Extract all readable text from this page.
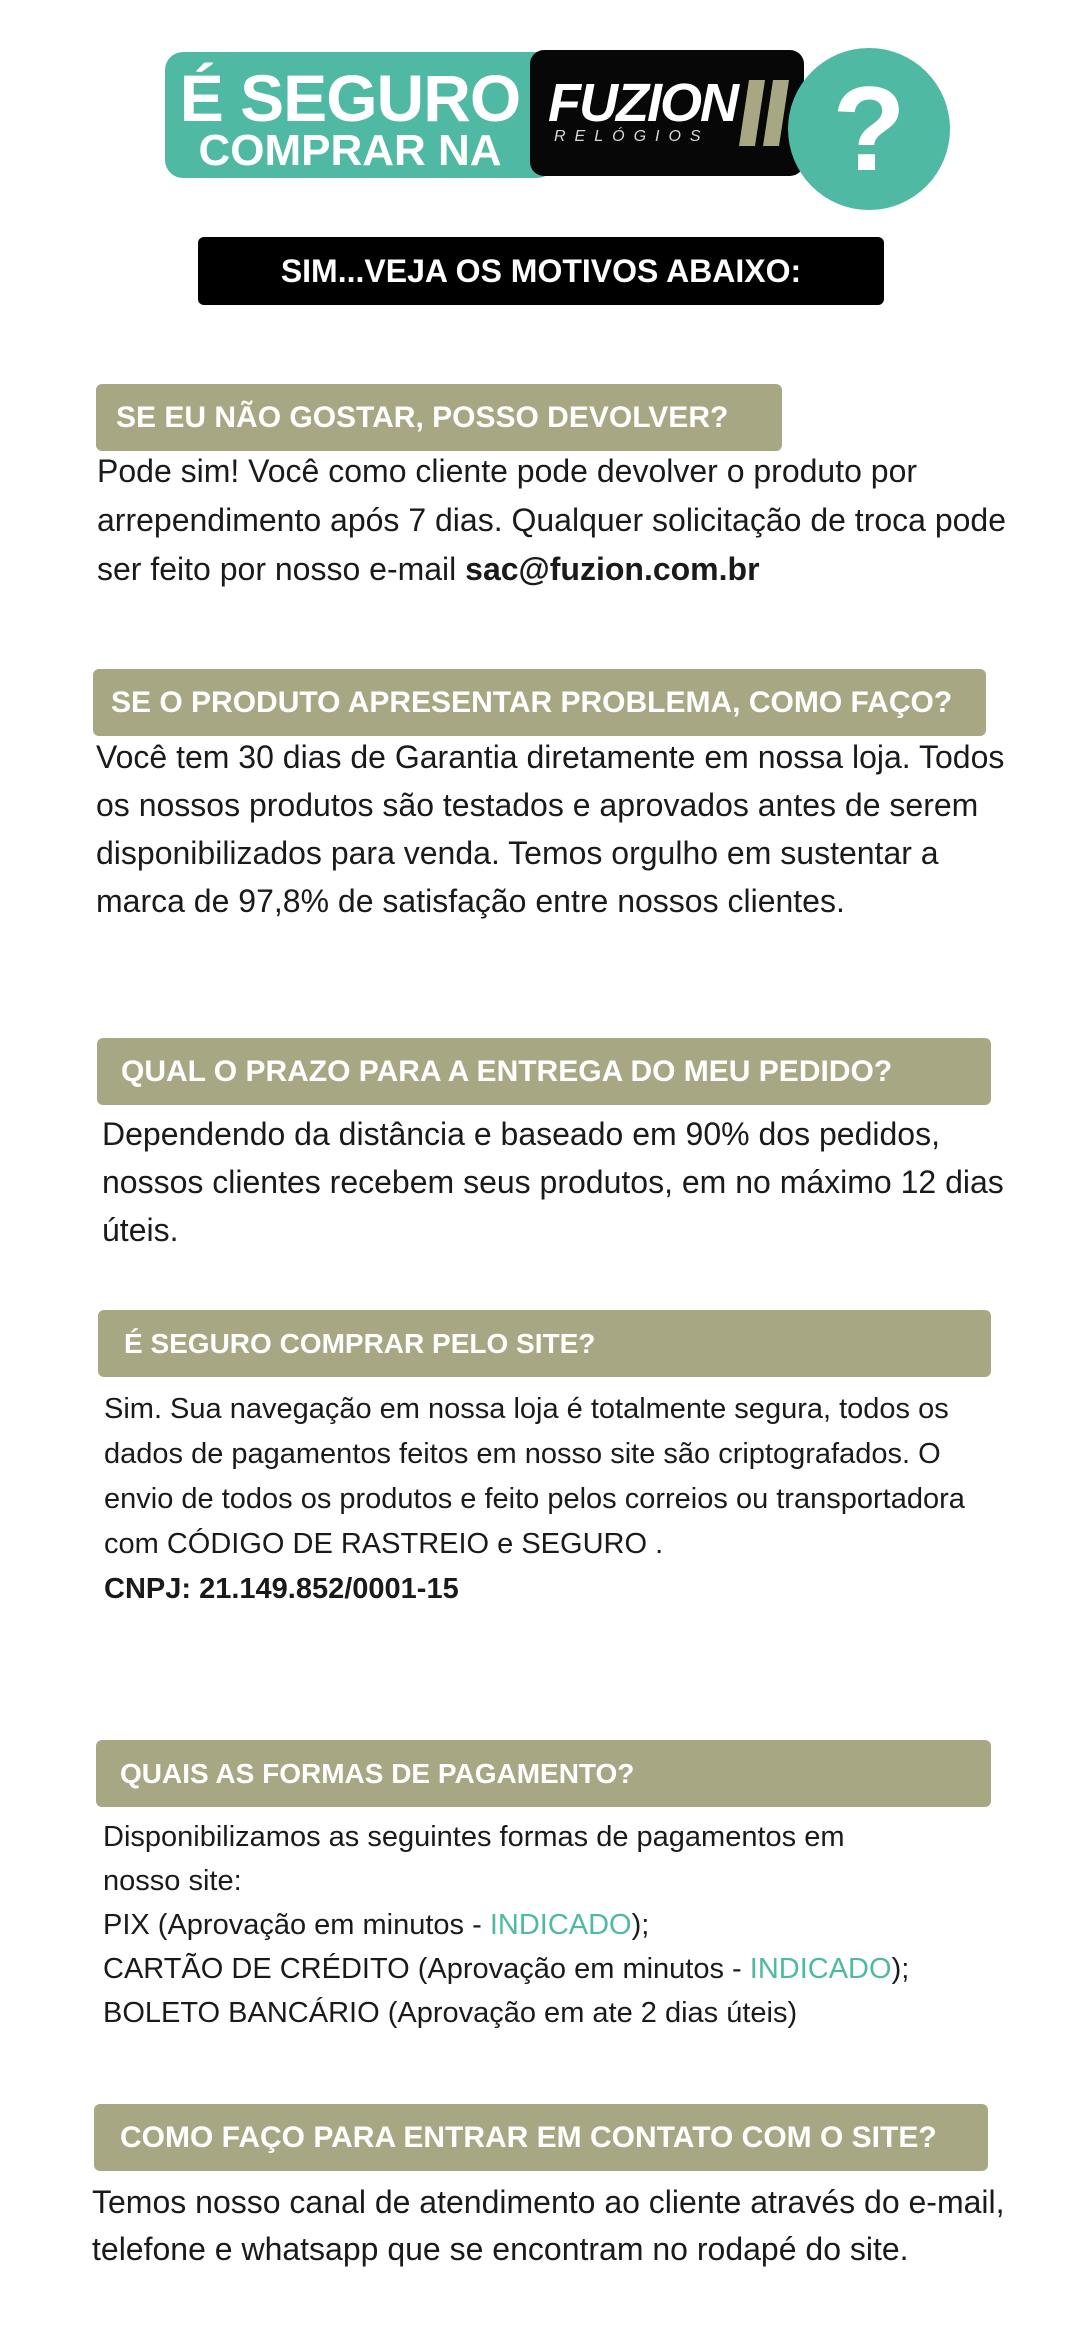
É SEGURO
COMPRAR NA
FUZION
RELÓGIOS	?
SIM...VEJA OS MOTIVOS ABAIXO:
SE EU NÃO GOSTAR, POSSO DEVOLVER?

Pode sim! Você como cliente pode devolver o produto por arrependimento após 7 dias. Qualquer solicitação de troca pode ser feito por nosso e-mail sac@fuzion.com.br

SE O PRODUTO APRESENTAR PROBLEMA, COMO FAÇO?

Você tem 30 dias de Garantia diretamente em nossa loja. Todos os nossos produtos são testados e aprovados antes de serem disponibilizados para venda. Temos orgulho em sustentar a marca de 97,8% de satisfação entre nossos clientes.

QUAL O PRAZO PARA A ENTREGA DO MEU PEDIDO?

Dependendo da distância e baseado em 90% dos pedidos, nossos clientes recebem seus produtos, em no máximo 12 dias úteis.

É SEGURO COMPRAR PELO SITE?

Sim. Sua navegação em nossa loja é totalmente segura, todos os dados de pagamentos feitos em nosso site são criptografados. O envio de todos os produtos e feito pelos correios ou transportadora com CÓDIGO DE RASTREIO e SEGURO .

CNPJ: 21.149.852/0001-15

QUAIS AS FORMAS DE PAGAMENTO?

Disponibilizamos as seguintes formas de pagamentos em nosso site:

PIX (Aprovação em minutos - INDICADO);

CARTÃO DE CRÉDITO (Aprovação em minutos - INDICADO);

BOLETO BANCÁRIO (Aprovação em ate 2 dias úteis)

COMO FAÇO PARA ENTRAR EM CONTATO COM O SITE?

Temos nosso canal de atendimento ao cliente através do e-mail, telefone e whatsapp que se encontram no rodapé do site.
